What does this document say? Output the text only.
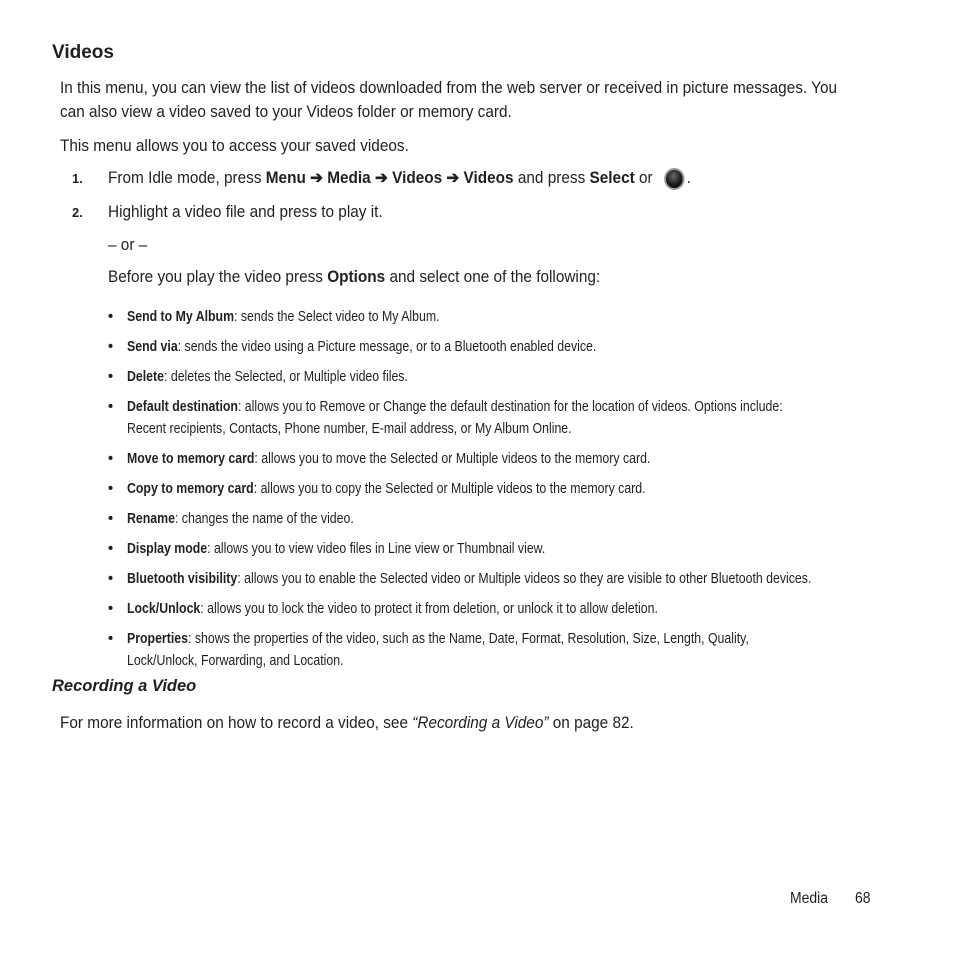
Videos
In this menu, you can view the list of videos downloaded from the web server or received in picture messages. You
can also view a video saved to your Videos folder or memory card.
This menu allows you to access your saved videos.
1. From Idle mode, press Menu ➔ Media ➔ Videos ➔ Videos and press Select or .
2. Highlight a video file and press to play it.
– or –
Before you play the video press Options and select one of the following:
• Send to My Album: sends the Select video to My Album.
• Send via: sends the video using a Picture message, or to a Bluetooth enabled device.
• Delete: deletes the Selected, or Multiple video files.
• Default destination: allows you to Remove or Change the default destination for the location of videos. Options include:
Recent recipients, Contacts, Phone number, E-mail address, or My Album Online.
• Move to memory card: allows you to move the Selected or Multiple videos to the memory card.
• Copy to memory card: allows you to copy the Selected or Multiple videos to the memory card.
• Rename: changes the name of the video.
• Display mode: allows you to view video files in Line view or Thumbnail view.
• Bluetooth visibility: allows you to enable the Selected video or Multiple videos so they are visible to other Bluetooth devices.
• Lock/Unlock: allows you to lock the video to protect it from deletion, or unlock it to allow deletion.
• Properties: shows the properties of the video, such as the Name, Date, Format, Resolution, Size, Length, Quality,
Lock/Unlock, Forwarding, and Location.
Recording a Video
For more information on how to record a video, see “Recording a Video” on page 82.
Media 68
